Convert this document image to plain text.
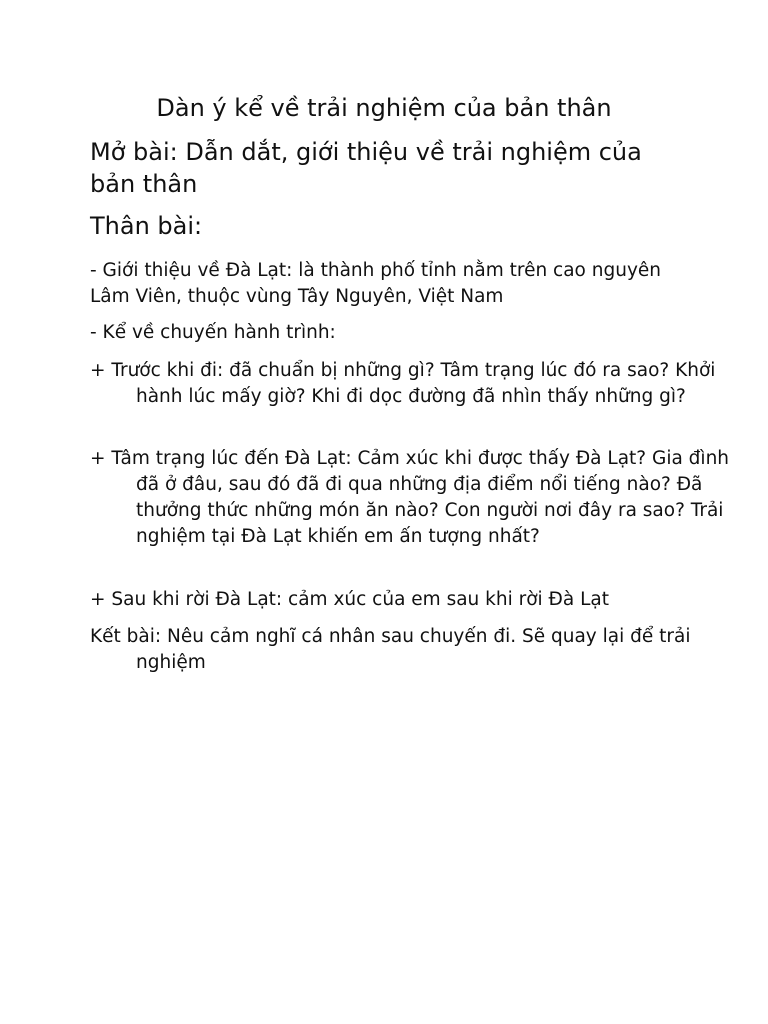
Dàn ý kể về trải nghiệm của bản thân

Mở bài: Dẫn dắt, giới thiệu về trải nghiệm của bản thân

Thân bài:

- Giới thiệu về Đà Lạt: là thành phố tỉnh nằm trên cao nguyên Lâm Viên, thuộc vùng Tây Nguyên, Việt Nam

- Kể về chuyến hành trình:

+ Trước khi đi: đã chuẩn bị những gì? Tâm trạng lúc đó ra sao? Khởi hành lúc mấy giờ? Khi đi dọc đường đã nhìn thấy những gì?

+ Tâm trạng lúc đến Đà Lạt: Cảm xúc khi được thấy Đà Lạt? Gia đình đã ở đâu, sau đó đã đi qua những địa điểm nổi tiếng nào? Đã thưởng thức những món ăn nào? Con người nơi đây ra sao? Trải nghiệm tại Đà Lạt khiến em ấn tượng nhất?

+ Sau khi rời Đà Lạt: cảm xúc của em sau khi rời Đà Lạt

Kết bài: Nêu cảm nghĩ cá nhân sau chuyến đi. Sẽ quay lại để trải nghiệm
